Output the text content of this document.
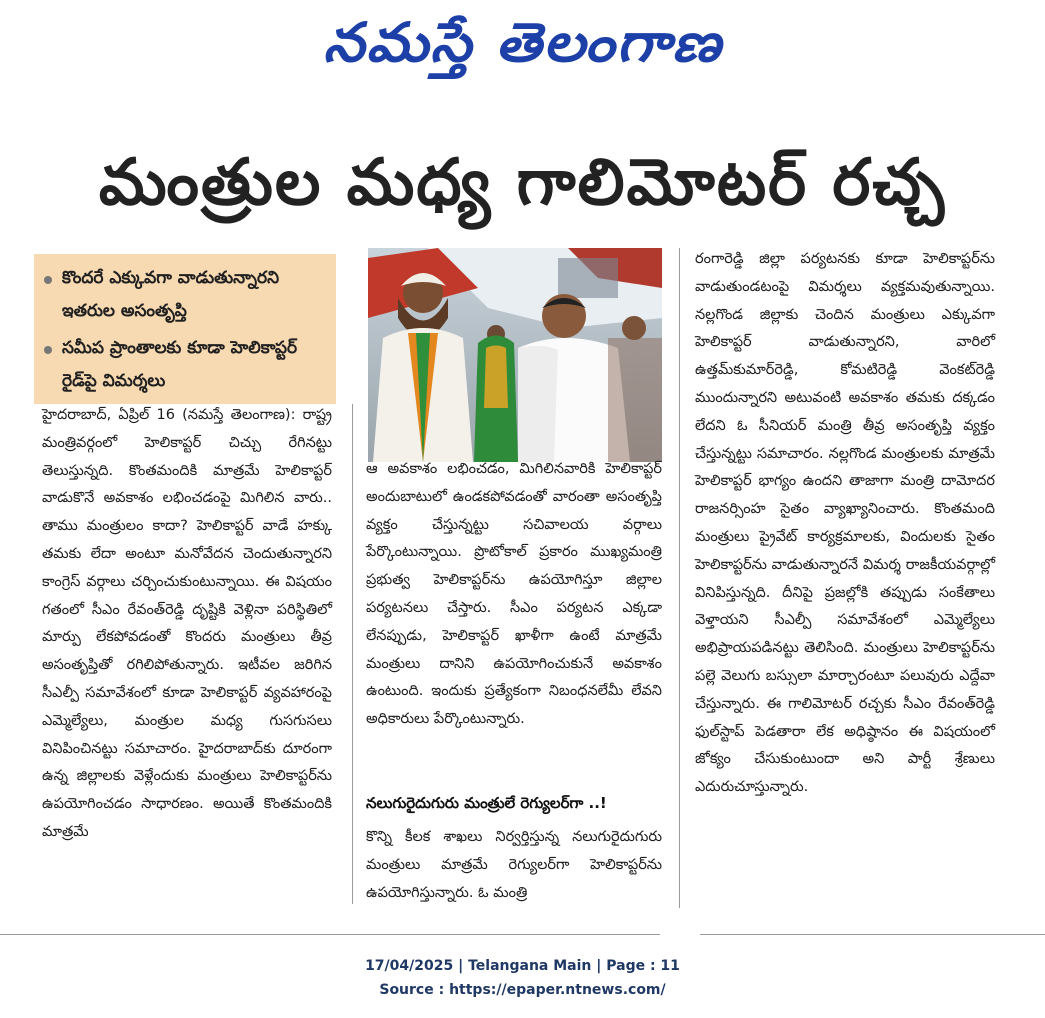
నమస్తే తెలంగాణ
మంత్రుల మధ్య గాలిమోటర్ రచ్చ
కొందరే ఎక్కువగా వాడుతున్నారని ఇతరుల అసంతృప్తి
సమీప ప్రాంతాలకు కూడా హెలికాప్టర్ రైడ్‌పై విమర్శలు

హైదరాబాద్, ఏప్రిల్ 16 (నమస్తే తెలంగాణ): రాష్ట్ర మంత్రివర్గంలో హెలికాప్టర్ చిచ్చు రేగినట్టు తెలుస్తున్నది. కొంతమందికి మాత్రమే హెలికాప్టర్ వాడుకొనే అవకాశం లభించడంపై మిగిలిన వారు.. తాము మంత్రులం కాదా? హెలికాప్టర్ వాడే హక్కు తమకు లేదా అంటూ మనోవేదన చెందుతున్నారని కాంగ్రెస్ వర్గాలు చర్చించుకుంటున్నాయి. ఈ విషయం గతంలో సీఎం రేవంత్‌రెడ్డి దృష్టికి వెళ్లినా పరిస్థితిలో మార్పు లేకపోవడంతో కొందరు మంత్రులు తీవ్ర అసంతృప్తితో రగిలిపోతున్నారు. ఇటీవల జరిగిన సీఎల్పీ సమావేశంలో కూడా హెలికాప్టర్ వ్యవహారంపై ఎమ్మెల్యేలు, మంత్రుల మధ్య గుసగుసలు వినిపించినట్టు సమాచారం. హైదరాబాద్‌కు దూరంగా ఉన్న జిల్లాలకు వెళ్లేందుకు మంత్రులు హెలికాప్టర్‌ను ఉపయోగించడం సాధారణం. అయితే కొంతమందికి మాత్రమే

ఆ అవకాశం లభించడం, మిగిలినవారికి హెలికాప్టర్ అందుబాటులో ఉండకపోవడంతో వారంతా అసంతృప్తి వ్యక్తం చేస్తున్నట్టు సచివాలయ వర్గాలు పేర్కొంటున్నాయి. ప్రొటోకాల్ ప్రకారం ముఖ్యమంత్రి ప్రభుత్వ హెలికాప్టర్‌ను ఉపయోగిస్తూ జిల్లాల పర్యటనలు చేస్తారు. సీఎం పర్యటన ఎక్కడా లేనప్పుడు, హెలికాప్టర్ ఖాళీగా ఉంటే మాత్రమే మంత్రులు దానిని ఉపయోగించుకునే అవకాశం ఉంటుంది. ఇందుకు ప్రత్యేకంగా నిబంధనలేమీ లేవని అధికారులు పేర్కొంటున్నారు.

నలుగురైదుగురు మంత్రులే రెగ్యులర్‌గా ..!

కొన్ని కీలక శాఖలు నిర్వర్తిస్తున్న నలుగురైదుగురు మంత్రులు మాత్రమే రెగ్యులర్‌గా హెలికాప్టర్‌ను ఉపయోగిస్తున్నారు. ఓ మంత్రి

రంగారెడ్డి జిల్లా పర్యటనకు కూడా హెలికాప్టర్‌ను వాడుతుండటంపై విమర్శలు వ్యక్తమవుతున్నాయి. నల్లగొండ జిల్లాకు చెందిన మంత్రులు ఎక్కువగా హెలికాప్టర్ వాడుతున్నారని, వారిలో ఉత్తమ్‌కుమార్‌రెడ్డి, కోమటిరెడ్డి వెంకట్‌రెడ్డి ముందున్నారని అటువంటి అవకాశం తమకు దక్కడం లేదని ఓ సీనియర్ మంత్రి తీవ్ర అసంతృప్తి వ్యక్తం చేస్తున్నట్టు సమాచారం. నల్లగొండ మంత్రులకు మాత్రమే హెలికాప్టర్ భాగ్యం ఉందని తాజాగా మంత్రి దామోదర రాజనర్సింహ సైతం వ్యాఖ్యానించారు. కొంతమంది మంత్రులు ప్రైవేట్ కార్యక్రమాలకు, విందులకు సైతం హెలికాప్టర్‌ను వాడుతున్నారనే విమర్శ రాజకీయవర్గాల్లో వినిపిస్తున్నది. దీనిపై ప్రజల్లోకి తప్పుడు సంకేతాలు వెళ్తాయని సీఎల్పీ సమావేశంలో ఎమ్మెల్యేలు అభిప్రాయపడినట్టు తెలిసింది. మంత్రులు హెలికాప్టర్‌ను పల్లె వెలుగు బస్సులా మార్చారంటూ పలువురు ఎద్దేవా చేస్తున్నారు. ఈ గాలిమోటర్ రచ్చకు సీఎం రేవంత్‌రెడ్డి ఫుల్‌స్టాప్ పెడతారా లేక అధిష్ఠానం ఈ విషయంలో జోక్యం చేసుకుంటుందా అని పార్టీ శ్రేణులు ఎదురుచూస్తున్నారు.

17/04/2025 | Telangana Main | Page : 11
Source : https://epaper.ntnews.com/
